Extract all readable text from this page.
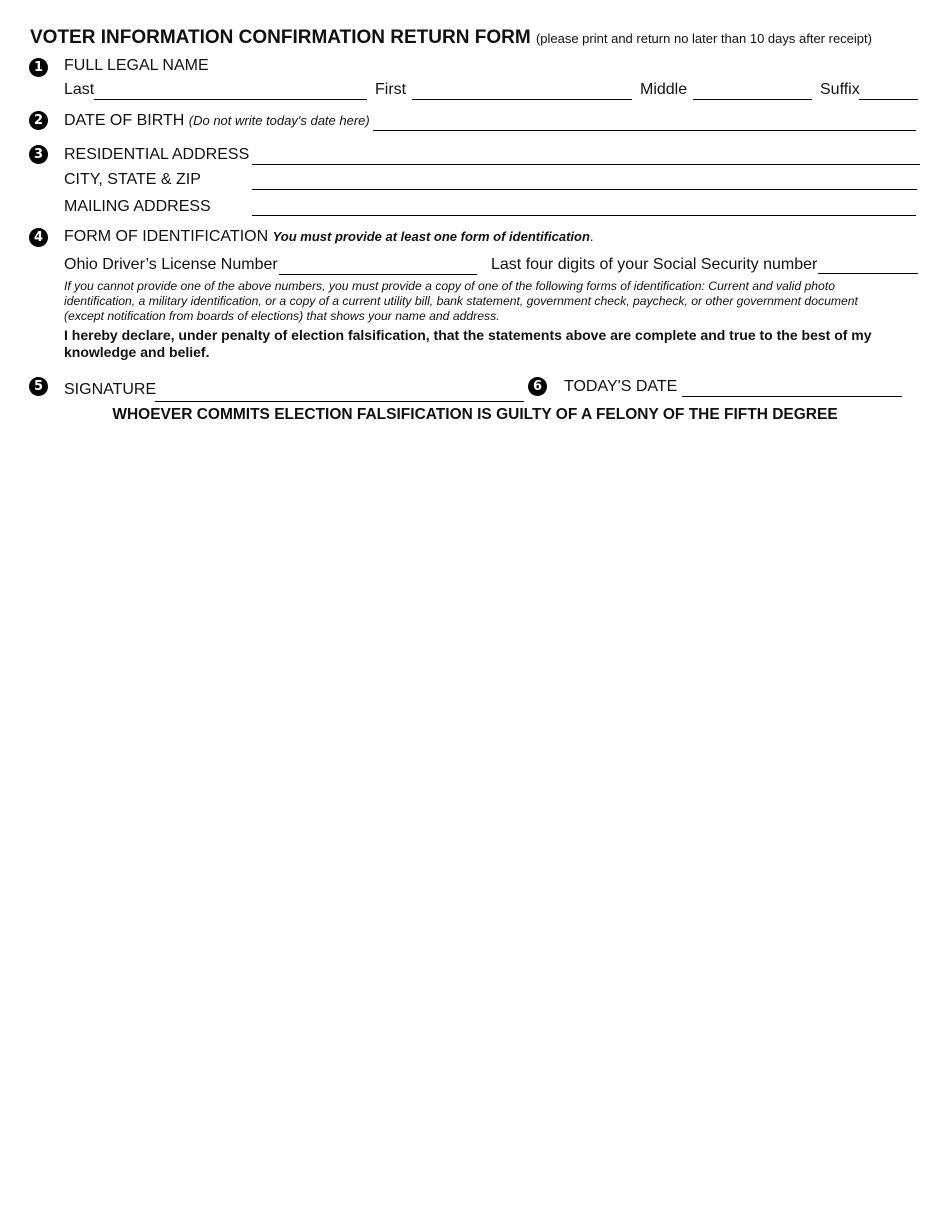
VOTER INFORMATION CONFIRMATION RETURN FORM (please print and return no later than 10 days after receipt)
1	FULL LEGAL NAME
Last	First	Middle	Suffix
2	DATE OF BIRTH (Do not write today's date here)
3	RESIDENTIAL ADDRESS
CITY, STATE & ZIP
MAILING ADDRESS
4	FORM OF IDENTIFICATION You must provide at least one form of identification.
Ohio Driver’s License Number	Last four digits of your Social Security number
If you cannot provide one of the above numbers, you must provide a copy of one of the following forms of identification: Current and valid photo identification, a military identification, or a copy of a current utility bill, bank statement, government check, paycheck, or other government document (except notification from boards of elections) that shows your name and address.
I hereby declare, under penalty of election falsification, that the statements above are complete and true to the best of my knowledge and belief.
5	SIGNATURE	6	TODAY'S DATE
WHOEVER COMMITS ELECTION FALSIFICATION IS GUILTY OF A FELONY OF THE FIFTH DEGREE
